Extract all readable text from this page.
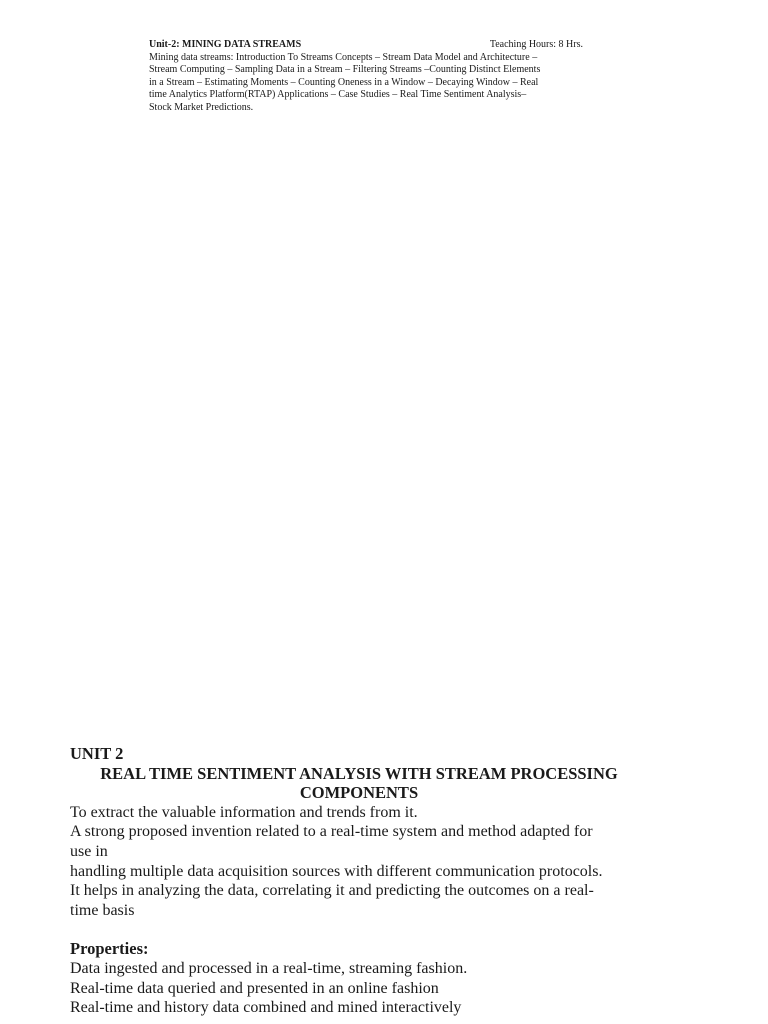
Unit-2: MINING DATA STREAMS	Teaching Hours: 8 Hrs.
Mining data streams: Introduction To Streams Concepts – Stream Data Model and Architecture –
Stream Computing – Sampling Data in a Stream – Filtering Streams –Counting Distinct Elements
in a Stream – Estimating Moments – Counting Oneness in a Window – Decaying Window – Real
time Analytics Platform(RTAP) Applications – Case Studies – Real Time Sentiment Analysis–
Stock Market Predictions.
UNIT 2
REAL TIME SENTIMENT ANALYSIS WITH STREAM PROCESSING
COMPONENTS
To extract the valuable information and trends from it.
A strong proposed invention related to a real-time system and method adapted for
use in
handling multiple data acquisition sources with different communication protocols.
It helps in analyzing the data, correlating it and predicting the outcomes on a real-
time basis
Properties:
Data ingested and processed in a real-time, streaming fashion.
Real-time data queried and presented in an online fashion
Real-time and history data combined and mined interactively
